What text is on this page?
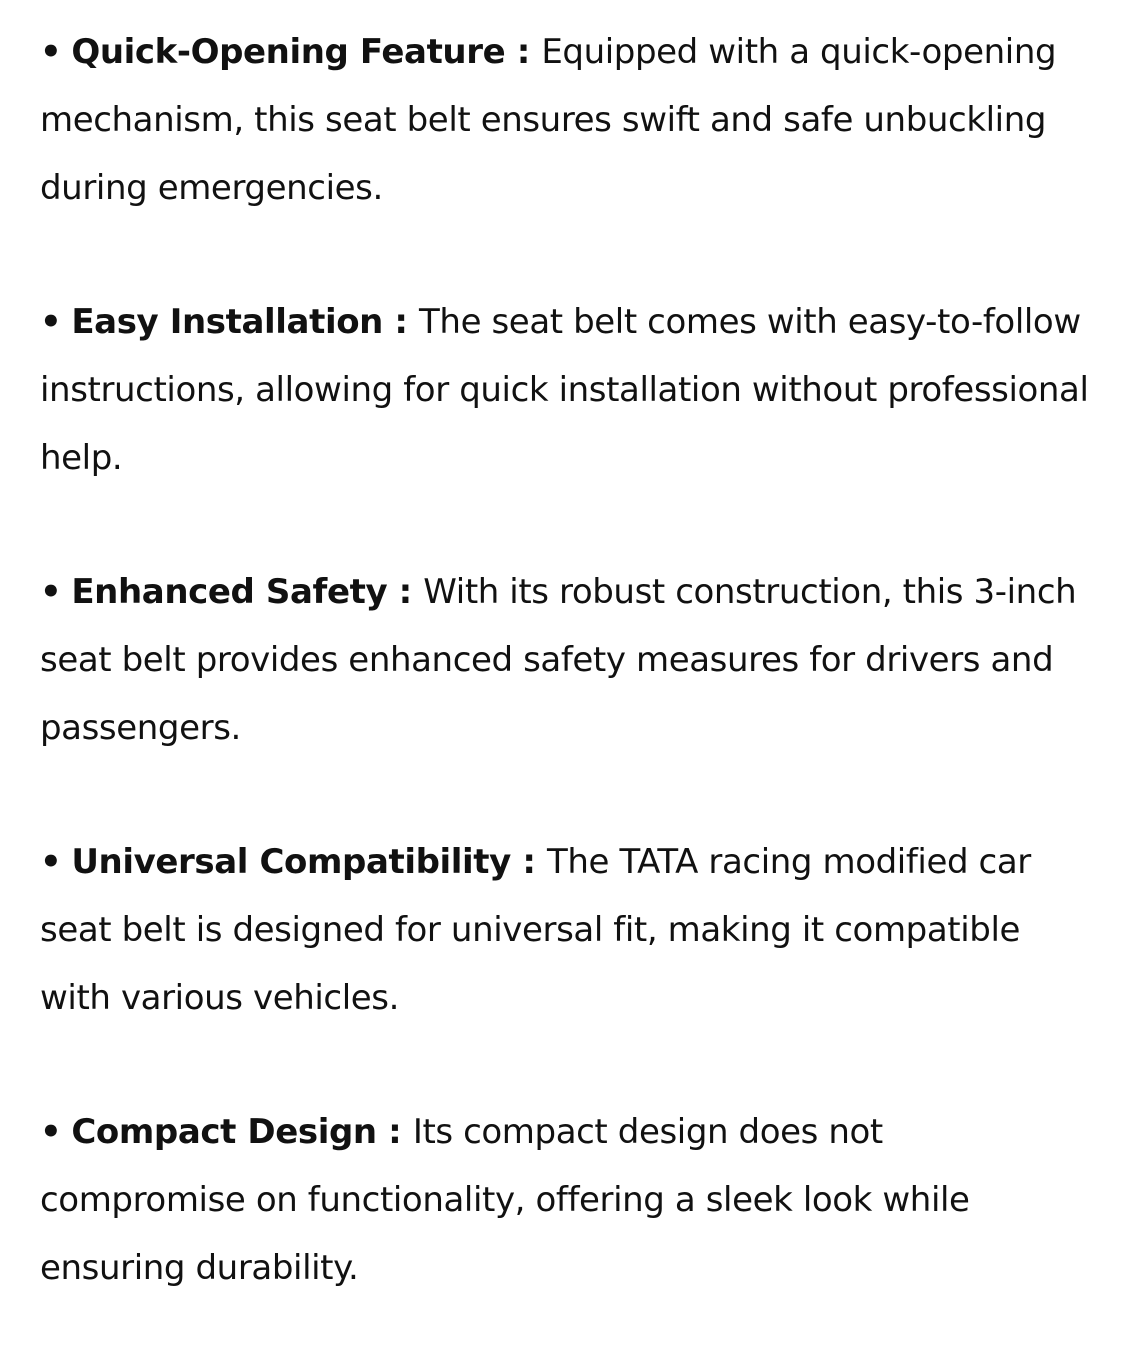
• Quick-Opening Feature : Equipped with a quick-opening mechanism, this seat belt ensures swift and safe unbuckling during emergencies.

• Easy Installation : The seat belt comes with easy-to-follow instructions, allowing for quick installation without professional help.

• Enhanced Safety : With its robust construction, this 3-inch seat belt provides enhanced safety measures for drivers and passengers.

• Universal Compatibility : The TATA racing modified car seat belt is designed for universal fit, making it compatible with various vehicles.

• Compact Design : Its compact design does not compromise on functionality, offering a sleek look while ensuring durability.
